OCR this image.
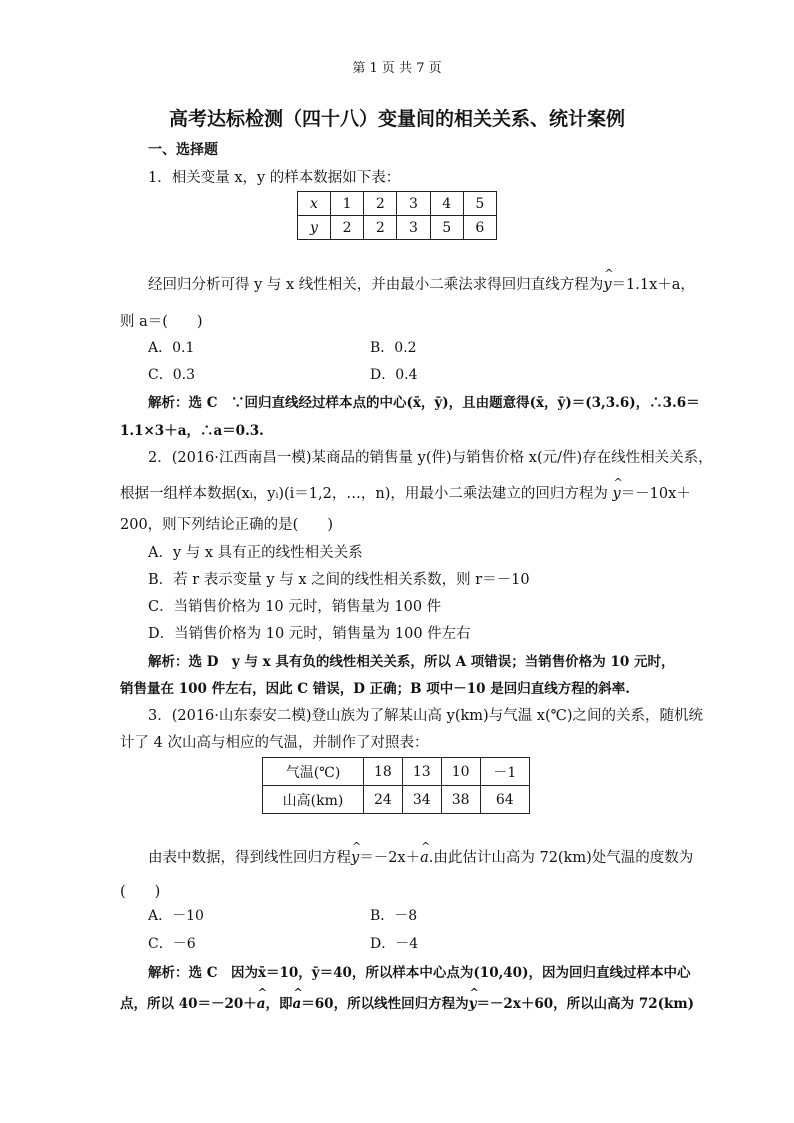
第 1 页 共 7 页
高考达标检测（四十八）变量间的相关关系、统计案例
一、选择题
1．相关变量 x，y 的样本数据如下表：
x	1	2	3	4	5
y	2	2	3	5	6
经回归分析可得 y 与 x 线性相关，并由最小二乘法求得回归直线方程为^ y＝1.1x＋a，
则 a＝(　　)
A．0.1	B．0.2
C．0.3	D．0.4
解析：选 C　∵回归直线经过样本点的中心(x̄，ȳ)，且由题意得(x̄，ȳ)＝(3,3.6)，∴3.6＝
1.1×3＋a，∴a＝0.3.
2．(2016·江西南昌一模)某商品的销售量 y(件)与销售价格 x(元/件)存在线性相关关系，
根据一组样本数据(xᵢ，yᵢ)(i＝1,2，…，n)，用最小二乘法建立的回归方程为 ^ y＝－10x＋
200，则下列结论正确的是(　　)
A．y 与 x 具有正的线性相关关系
B．若 r 表示变量 y 与 x 之间的线性相关系数，则 r＝－10
C．当销售价格为 10 元时，销售量为 100 件
D．当销售价格为 10 元时，销售量为 100 件左右
解析：选 D　y 与 x 具有负的线性相关关系，所以 A 项错误；当销售价格为 10 元时，
销售量在 100 件左右，因此 C 错误，D 正确；B 项中－10 是回归直线方程的斜率.
3．(2016·山东泰安二模)登山族为了解某山高 y(km)与气温 x(℃)之间的关系，随机统
计了 4 次山高与相应的气温，并制作了对照表：
气温(℃)	18	13	10	－1
山高(km)	24	34	38	64
由表中数据，得到线性回归方程^ y＝－2x＋^ a.由此估计山高为 72(km)处气温的度数为
(　　)
A．－10	B．－8
C．－6	D．－4
解析：选 C　因为x̄＝10，ȳ＝40，所以样本中心点为(10,40)，因为回归直线过样本中心
点，所以 40＝－20＋^ a，即^ a＝60，所以线性回归方程为^ y＝－2x＋60，所以山高为 72(km)
